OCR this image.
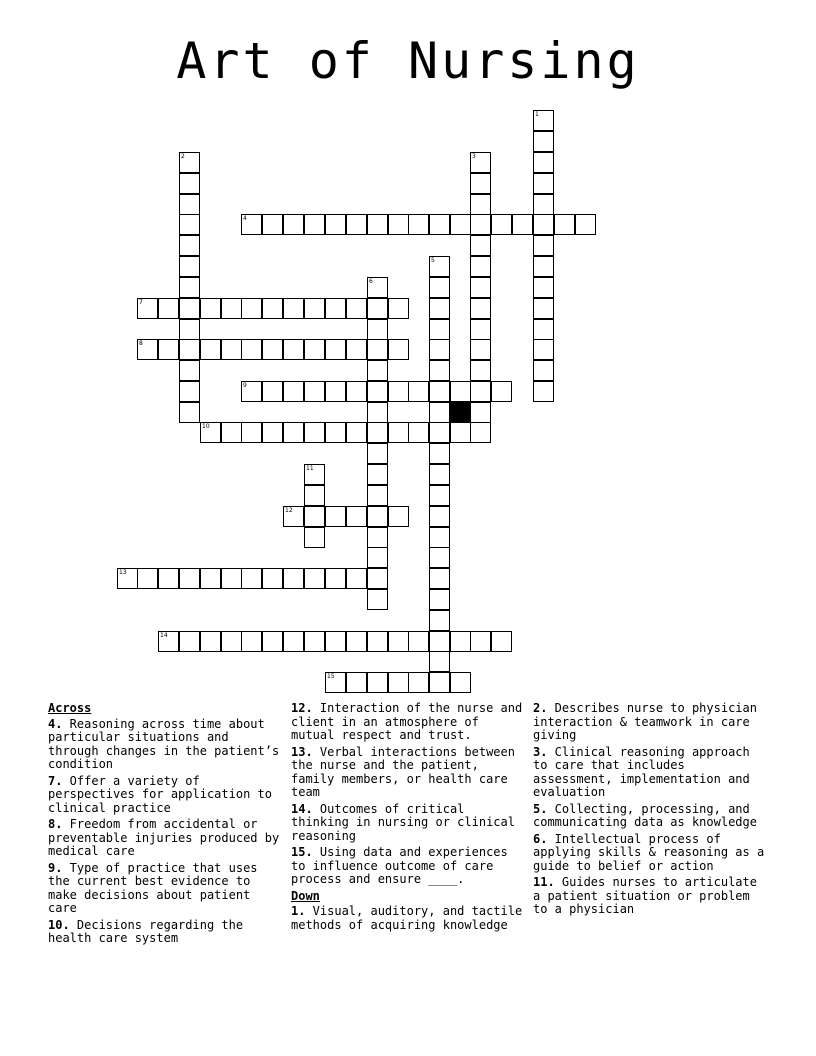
Art of Nursing
1
2	3
4
5
6
7
8
9
10
11
12
13
14
15
Across
4. Reasoning across time about particular situations and through changes in the patient’s condition
7. Offer a variety of perspectives for application to clinical practice
8. Freedom from accidental or preventable injuries produced by medical care
9. Type of practice that uses the current best evidence to make decisions about patient care
10. Decisions regarding the health care system
12. Interaction of the nurse and client in an atmosphere of mutual respect and trust.
13. Verbal interactions between the nurse and the patient, family members, or health care team
14. Outcomes of critical thinking in nursing or clinical reasoning
15. Using data and experiences to influence outcome of care process and ensure ____.
Down
1. Visual, auditory, and tactile methods of acquiring knowledge
2. Describes nurse to physician interaction & teamwork in care giving
3. Clinical reasoning approach to care that includes assessment, implementation and evaluation
5. Collecting, processing, and communicating data as knowledge
6. Intellectual process of applying skills & reasoning as a guide to belief or action
11. Guides nurses to articulate a patient situation or problem to a physician
